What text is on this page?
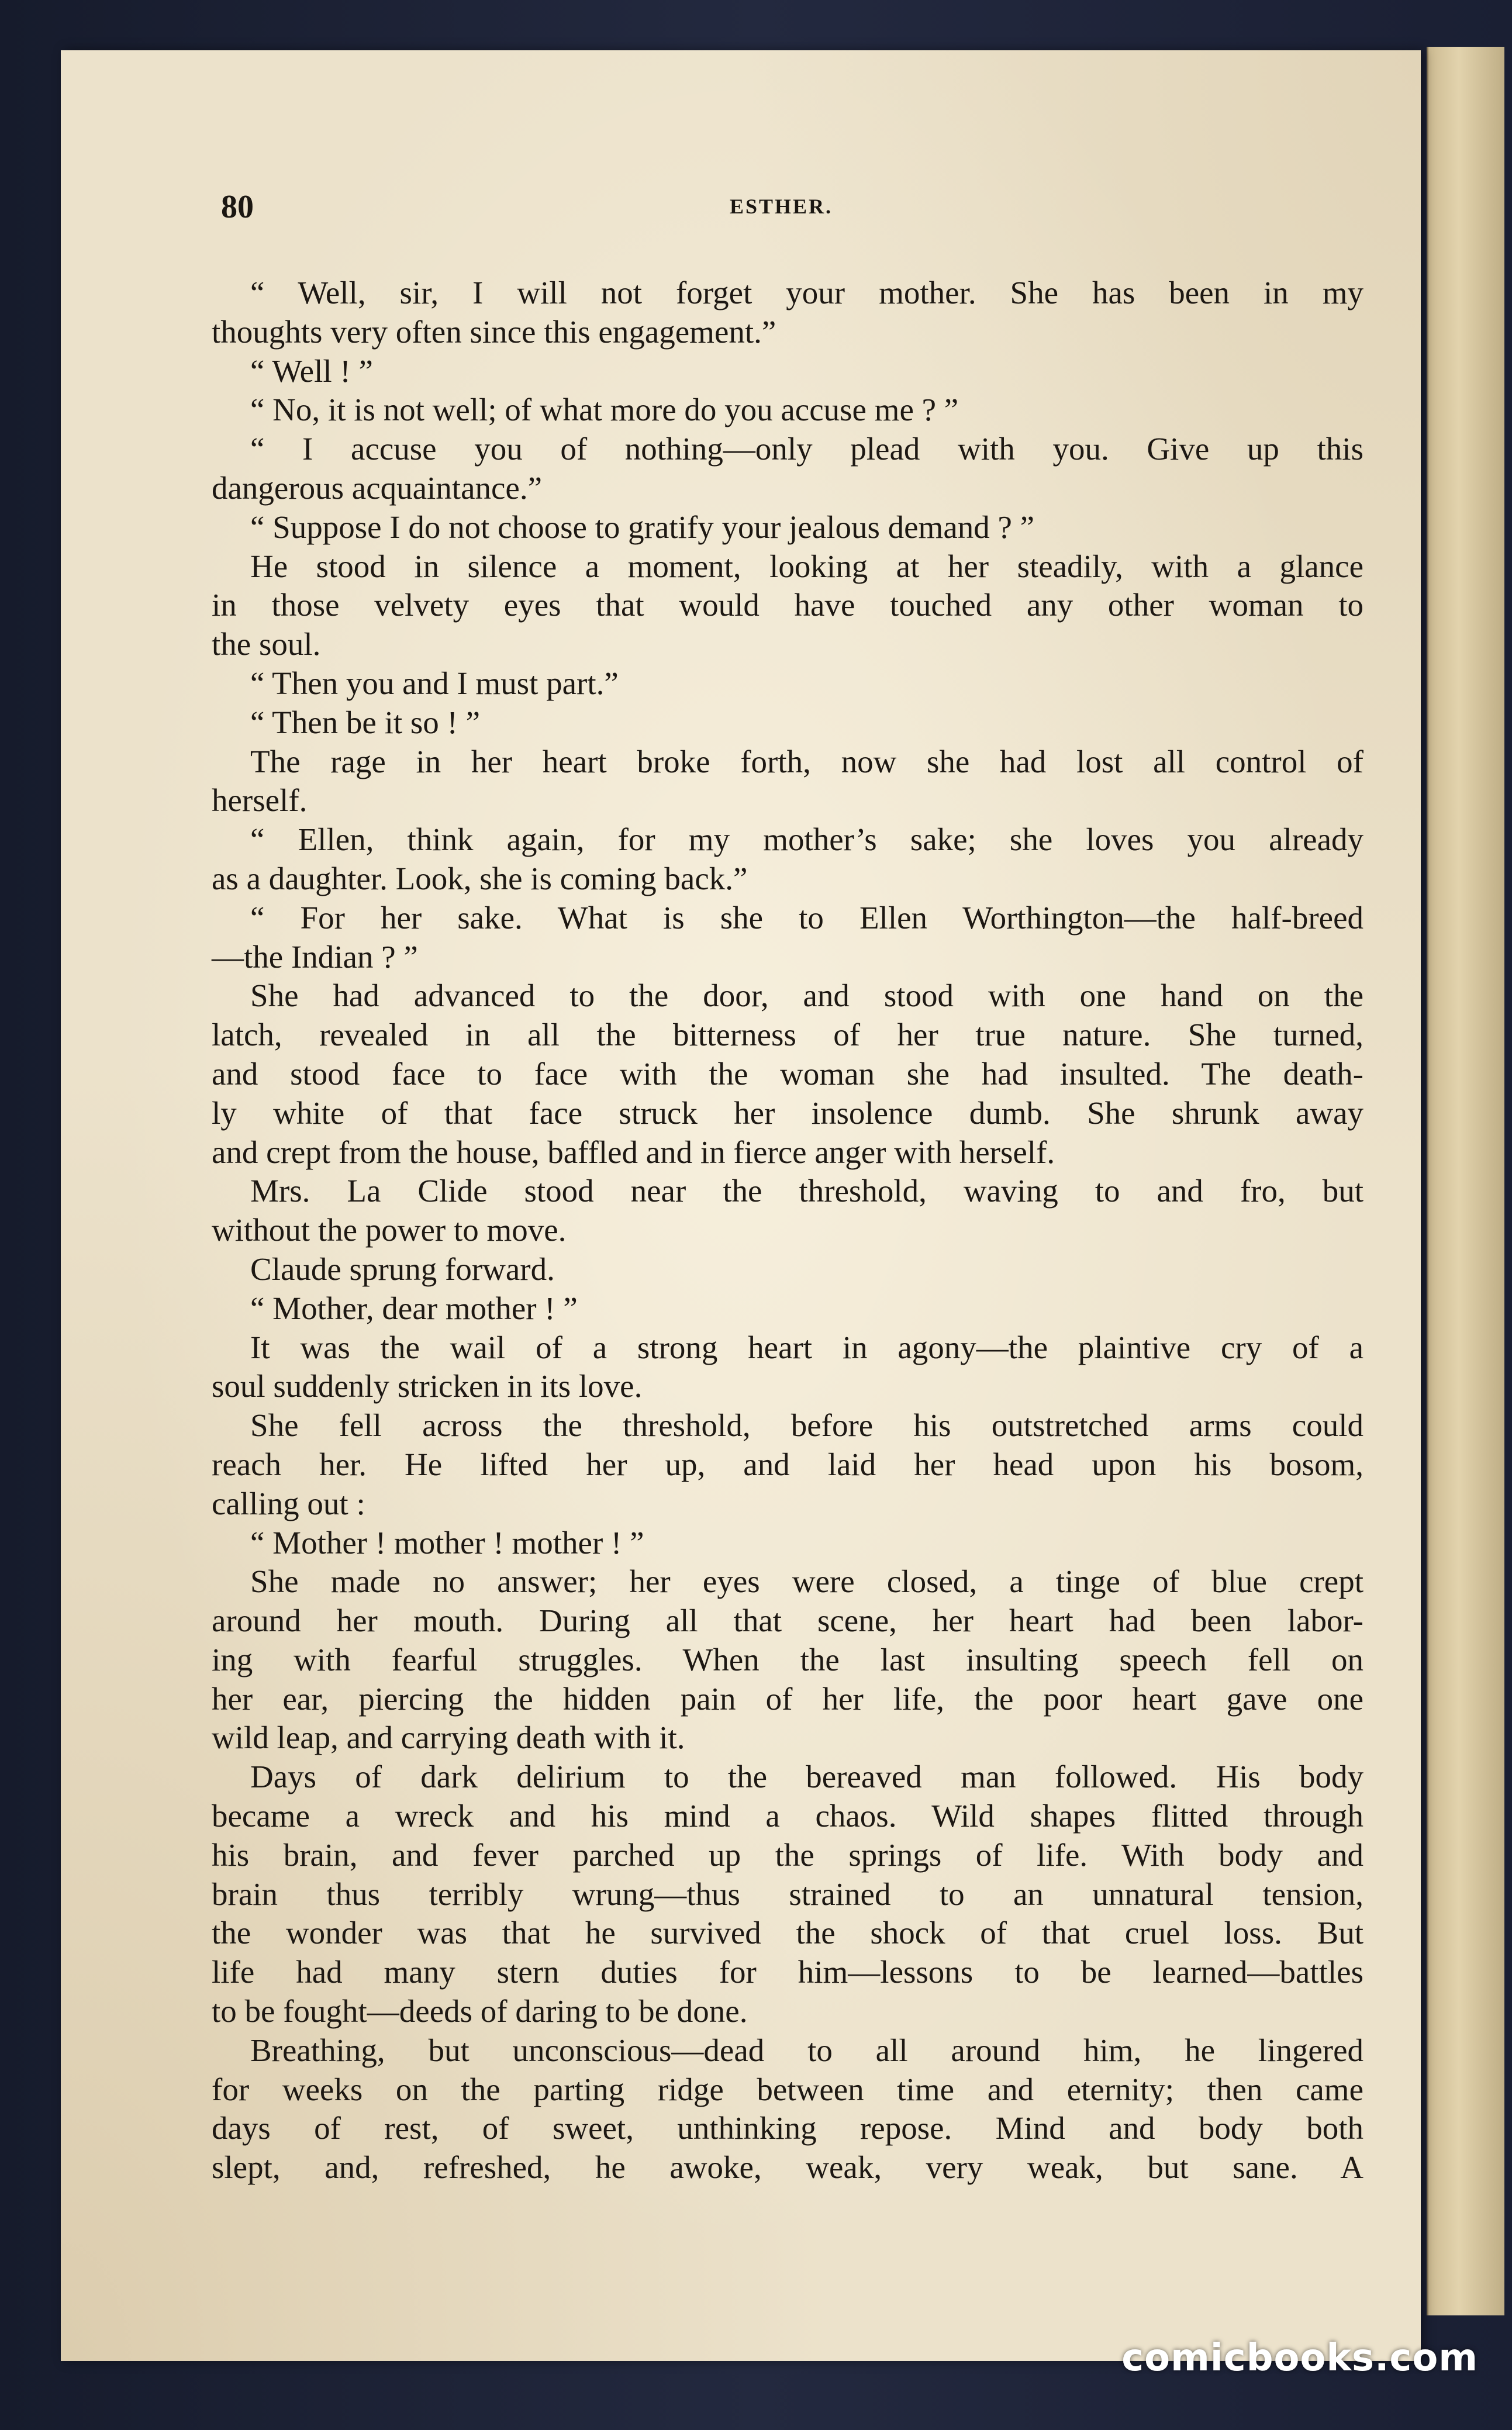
80	ESTHER.
“ Well, sir, I will not forget your mother. She has been in my
thoughts very often since this engagement.”
“ Well ! ”
“ No, it is not well; of what more do you accuse me ? ”
“ I accuse you of nothing—only plead with you. Give up this
dangerous acquaintance.”
“ Suppose I do not choose to gratify your jealous demand ? ”
He stood in silence a moment, looking at her steadily, with a glance
in those velvety eyes that would have touched any other woman to
the soul.
“ Then you and I must part.”
“ Then be it so ! ”
The rage in her heart broke forth, now she had lost all control of
herself.
“ Ellen, think again, for my mother’s sake; she loves you already
as a daughter. Look, she is coming back.”
“ For her sake. What is she to Ellen Worthington—the half-breed
—the Indian ? ”
She had advanced to the door, and stood with one hand on the
latch, revealed in all the bitterness of her true nature. She turned,
and stood face to face with the woman she had insulted. The death-
ly white of that face struck her insolence dumb. She shrunk away
and crept from the house, baffled and in fierce anger with herself.
Mrs. La Clide stood near the threshold, waving to and fro, but
without the power to move.
Claude sprung forward.
“ Mother, dear mother ! ”
It was the wail of a strong heart in agony—the plaintive cry of a
soul suddenly stricken in its love.
She fell across the threshold, before his outstretched arms could
reach her. He lifted her up, and laid her head upon his bosom,
calling out :
“ Mother ! mother ! mother ! ”
She made no answer; her eyes were closed, a tinge of blue crept
around her mouth. During all that scene, her heart had been labor-
ing with fearful struggles. When the last insulting speech fell on
her ear, piercing the hidden pain of her life, the poor heart gave one
wild leap, and carrying death with it.
Days of dark delirium to the bereaved man followed. His body
became a wreck and his mind a chaos. Wild shapes flitted through
his brain, and fever parched up the springs of life. With body and
brain thus terribly wrung—thus strained to an unnatural tension,
the wonder was that he survived the shock of that cruel loss. But
life had many stern duties for him—lessons to be learned—battles
to be fought—deeds of daring to be done.
Breathing, but unconscious—dead to all around him, he lingered
for weeks on the parting ridge between time and eternity; then came
days of rest, of sweet, unthinking repose. Mind and body both
slept, and, refreshed, he awoke, weak, very weak, but sane. A
comicbooks.com
